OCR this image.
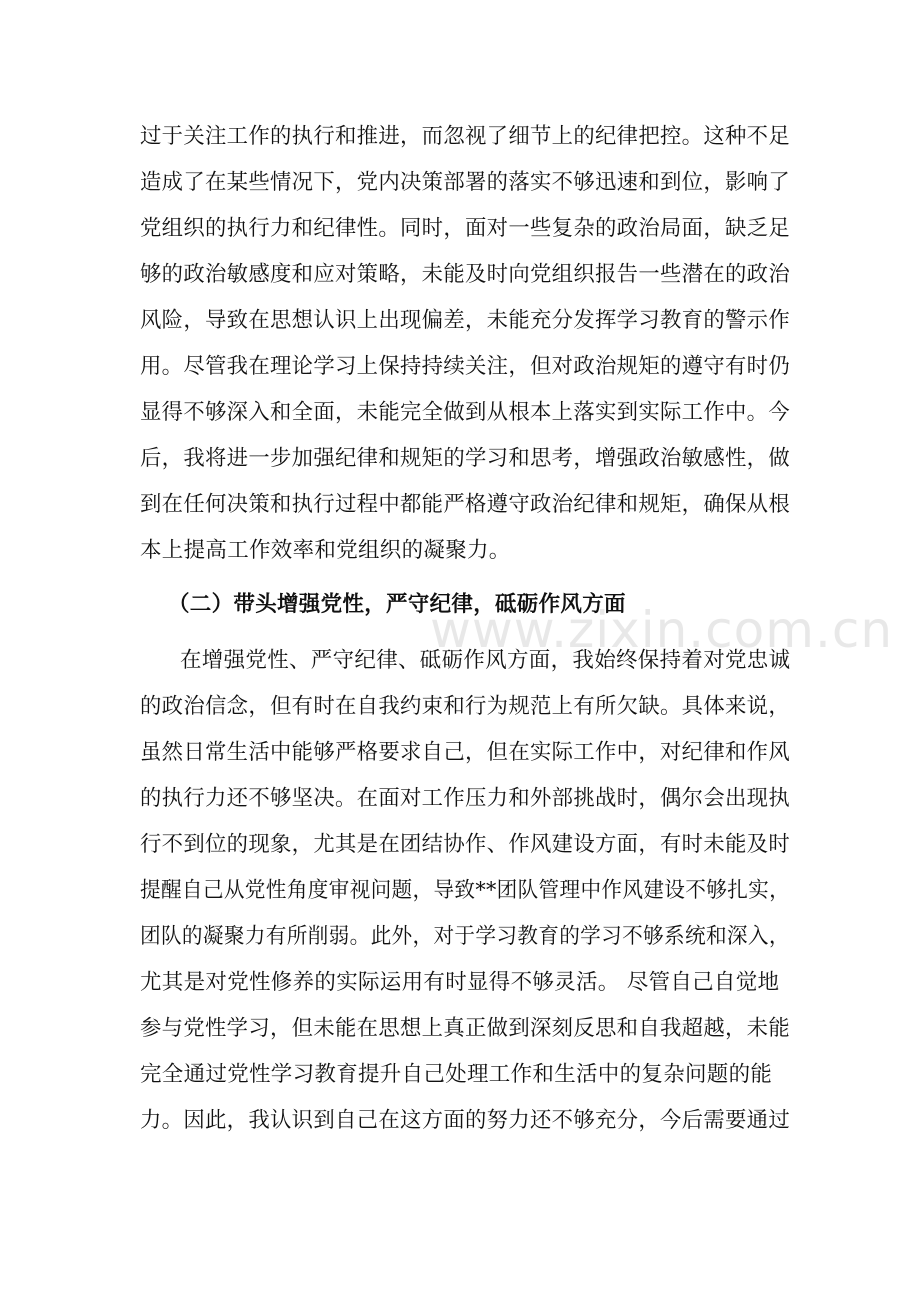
过于关注工作的执行和推进，而忽视了细节上的纪律把控。这种不足
造成了在某些情况下，党内决策部署的落实不够迅速和到位，影响了
党组织的执行力和纪律性。同时，面对一些复杂的政治局面，缺乏足
够的政治敏感度和应对策略，未能及时向党组织报告一些潜在的政治
风险，导致在思想认识上出现偏差，未能充分发挥学习教育的警示作
用。尽管我在理论学习上保持持续关注，但对政治规矩的遵守有时仍
显得不够深入和全面，未能完全做到从根本上落实到实际工作中。今
后，我将进一步加强纪律和规矩的学习和思考，增强政治敏感性，做
到在任何决策和执行过程中都能严格遵守政治纪律和规矩，确保从根
本上提高工作效率和党组织的凝聚力。
（二）带头增强党性，严守纪律，砥砺作风方面
www.zixin.com.cn
在增强党性、严守纪律、砥砺作风方面，我始终保持着对党忠诚
的政治信念，但有时在自我约束和行为规范上有所欠缺。具体来说，
虽然日常生活中能够严格要求自己，但在实际工作中，对纪律和作风
的执行力还不够坚决。在面对工作压力和外部挑战时，偶尔会出现执
行不到位的现象，尤其是在团结协作、作风建设方面，有时未能及时
提醒自己从党性角度审视问题，导致**团队管理中作风建设不够扎实，
团队的凝聚力有所削弱。此外，对于学习教育的学习不够系统和深入，
尤其是对党性修养的实际运用有时显得不够灵活。 尽管自己自觉地
参与党性学习，但未能在思想上真正做到深刻反思和自我超越，未能
完全通过党性学习教育提升自己处理工作和生活中的复杂问题的能
力。因此，我认识到自己在这方面的努力还不够充分，今后需要通过
